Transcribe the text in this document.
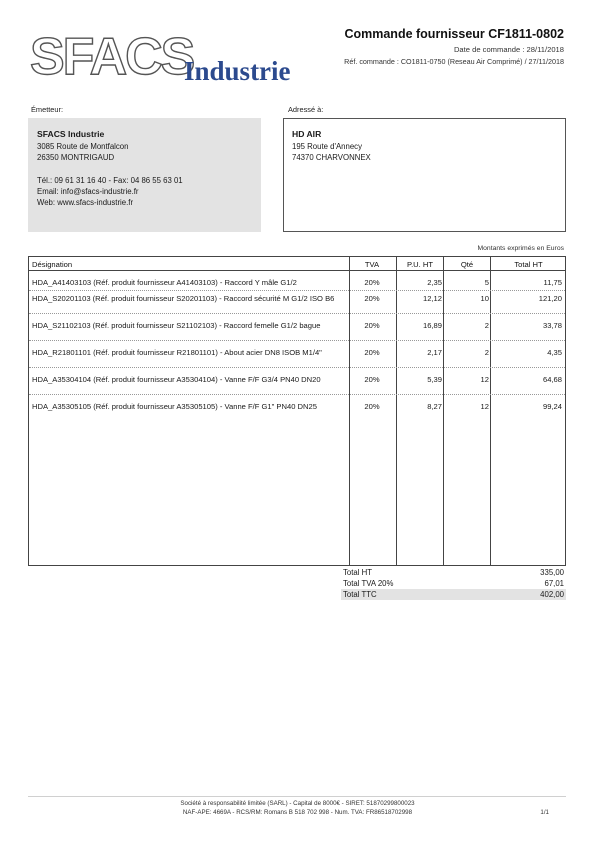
SFACS
Industrie
Commande fournisseur CF1811-0802
Date de commande : 28/11/2018
Réf. commande : CO1811-0750 (Reseau Air Comprimé) / 27/11/2018
Émetteur:
SFACS Industrie
3085 Route de Montfalcon
26350 MONTRIGAUD
Tél.: 09 61 31 16 40 - Fax: 04 86 55 63 01
Email: info@sfacs-industrie.fr
Web: www.sfacs-industrie.fr
Adressé à:
HD AIR
195 Route d'Annecy
74370 CHARVONNEX
Montants exprimés en Euros
Désignation	TVA	P.U. HT	Qté	Total HT
HDA_A41403103 (Réf. produit fournisseur A41403103) - Raccord Y mâle G1/2	20%	2,35	5	11,75
HDA_S20201103 (Réf. produit fournisseur S20201103) - Raccord sécurité M G1/2 ISO B6	20%	12,12	10	121,20
HDA_S21102103 (Réf. produit fournisseur S21102103) - Raccord femelle G1/2 bague	20%	16,89	2	33,78
HDA_R21801101 (Réf. produit fournisseur R21801101) - About acier DN8 ISOB M1/4"	20%	2,17	2	4,35
HDA_A35304104 (Réf. produit fournisseur A35304104) - Vanne F/F G3/4 PN40 DN20	20%	5,39	12	64,68
HDA_A35305105 (Réf. produit fournisseur A35305105) - Vanne F/F G1" PN40 DN25	20%	8,27	12	99,24
Total HT	335,00
Total TVA 20%	67,01
Total TTC	402,00
Société à responsabilité limitée (SARL) - Capital de 8000€ - SIRET: 51870299800023
NAF-APE: 4669A - RCS/RM: Romans B 518 702 998 - Num. TVA: FR86518702998	1/1
